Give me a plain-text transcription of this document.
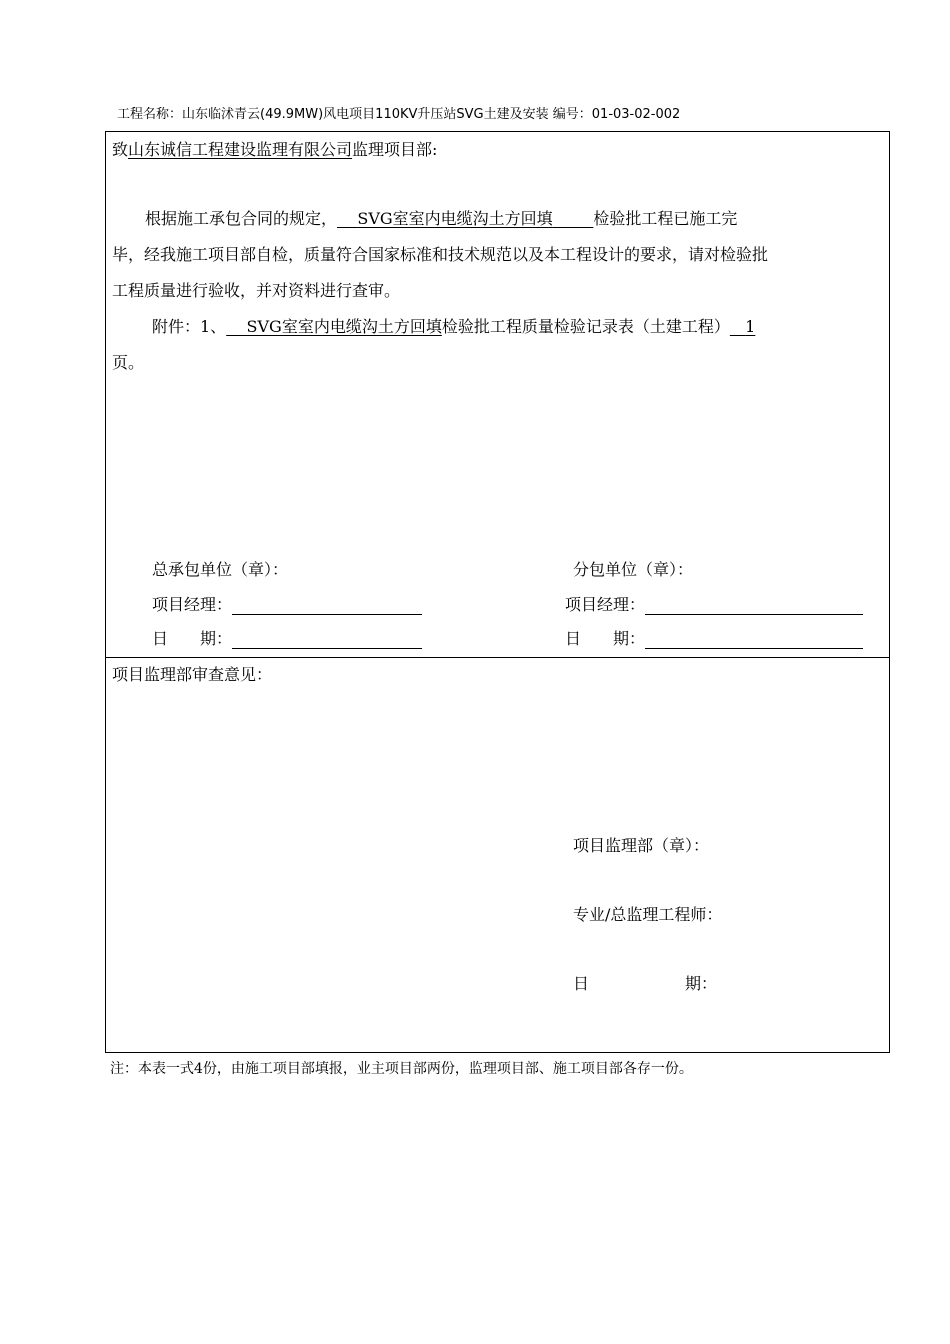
工程名称：山东临沭青云(49.9MW)风电项目110KV升压站SVG土建及安装 编号：01-03-02-002
致山东诚信工程建设监理有限公司监理项目部:
根据施工承包合同的规定， SVG室室内电缆沟土方回填	检验批工程已施工完
毕，经我施工项目部自检，质量符合国家标准和技术规范以及本工程设计的要求，请对检验批
工程质量进行验收，并对资料进行查审。
附件：1、 SVG室室内电缆沟土方回填检验批工程质量检验记录表（土建工程） 1
页。
总承包单位（章）：
项目经理：
日　　期：
分包单位（章）：
项目经理：
日　　期：
项目监理部审查意见：
项目监理部（章）：
专业/总监理工程师：
日　　　　　　期：
注：本表一式4份，由施工项目部填报，业主项目部两份，监理项目部、施工项目部各存一份。
